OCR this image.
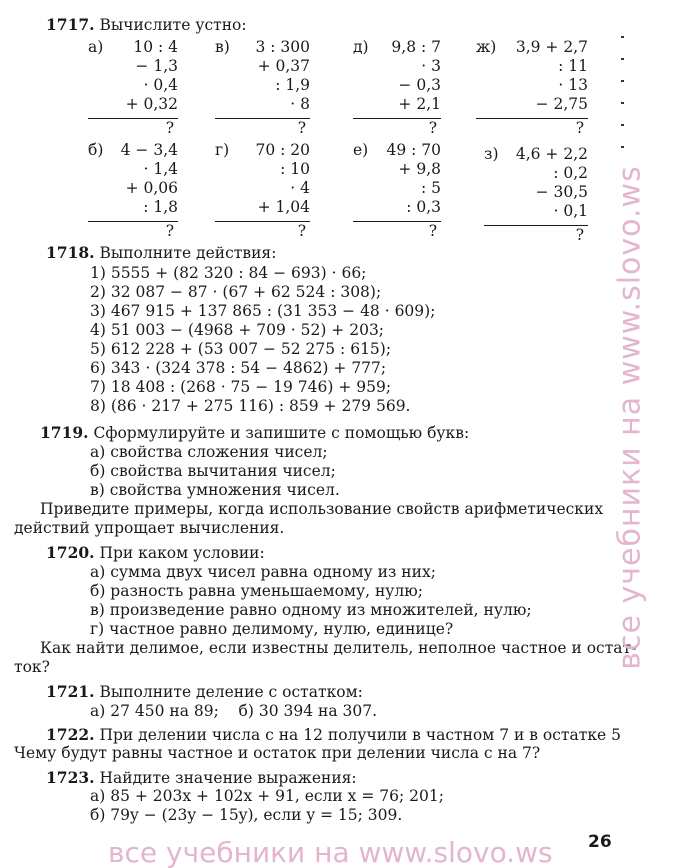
1717. Вычислите устно:
а)	10 : 4
− 1,3
· 0,4
+ 0,32
?
в)	3 : 300
+ 0,37
: 1,9
· 8
?
д)	9,8 : 7
· 3
− 0,3
+ 2,1
?
ж)	3,9 + 2,7
: 11
· 13
− 2,75
?
б)	4 − 3,4
· 1,4
+ 0,06
: 1,8
?
г)	70 : 20
: 10
· 4
+ 1,04
?
е)	49 : 70
+ 9,8
: 5
: 0,3
?
з)	4,6 + 2,2
: 0,2
− 30,5
· 0,1
?
1718. Выполните действия:
1) 5555 + (82 320 : 84 − 693) · 66;
2) 32 087 − 87 · (67 + 62 524 : 308);
3) 467 915 + 137 865 : (31 353 − 48 · 609);
4) 51 003 − (4968 + 709 · 52) + 203;
5) 612 228 + (53 007 − 52 275 : 615);
6) 343 · (324 378 : 54 − 4862) + 777;
7) 18 408 : (268 · 75 − 19 746) + 959;
8) (86 · 217 + 275 116) : 859 + 279 569.
1719. Сформулируйте и запишите с помощью букв:
а) свойства сложения чисел;
б) свойства вычитания чисел;
в) свойства умножения чисел.
Приведите примеры, когда использование свойств арифметических
действий упрощает вычисления.
1720. При каком условии:
а) сумма двух чисел равна одному из них;
б) разность равна уменьшаемому, нулю;
в) произведение равно одному из множителей, нулю;
г) частное равно делимому, нулю, единице?
Как найти делимое, если известны делитель, неполное частное и остат-
ток?
1721. Выполните деление с остатком:
а) 27 450 на 89;    б) 30 394 на 307.
1722. При делении числа c на 12 получили в частном 7 и в остатке 5
Чему будут равны частное и остаток при делении числа c на 7?
1723. Найдите значение выражения:
а) 85 + 203x + 102x + 91, если x = 76; 201;
б) 79y − (23y − 15y), если y = 15; 309.
26
все учебники на www.slovo.ws
все учебники на www.slovo.ws
